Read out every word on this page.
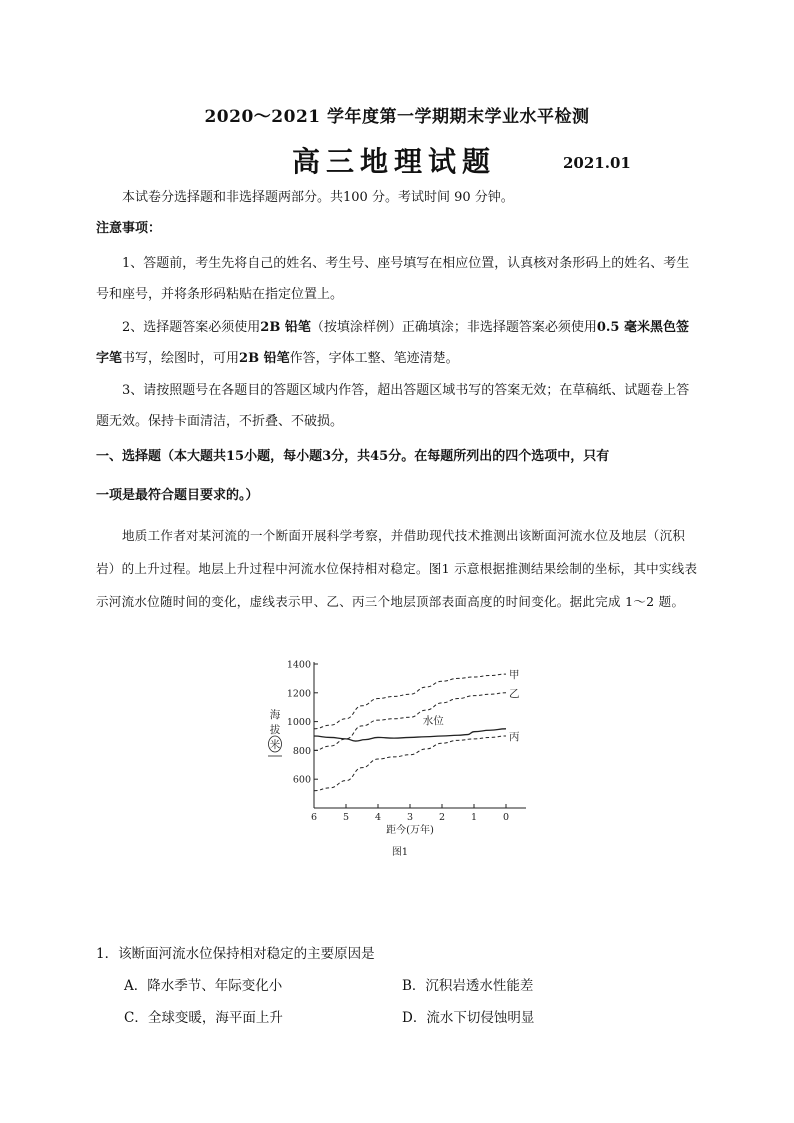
2020～2021 学年度第一学期期末学业水平检测
高三地理试题	2021.01
本试卷分选择题和非选择题两部分。共100 分。考试时间 90 分钟。
注意事项：
1、答题前，考生先将自己的姓名、考生号、座号填写在相应位置，认真核对条形码上的姓名、考生号和座号，并将条形码粘贴在指定位置上。
2、选择题答案必须使用2B 铅笔（按填涂样例）正确填涂；非选择题答案必须使用0.5 毫米黑色签字笔书写，绘图时，可用2B 铅笔作答，字体工整、笔迹清楚。
3、请按照题号在各题目的答题区域内作答，超出答题区域书写的答案无效；在草稿纸、试题卷上答题无效。保持卡面清洁，不折叠、不破损。
一、选择题（本大题共15小题，每小题3分，共45分。在每题所列出的四个选项中，只有
一项是最符合题目要求的。）
地质工作者对某河流的一个断面开展科学考察，并借助现代技术推测出该断面河流水位及地层（沉积岩）的上升过程。地层上升过程中河流水位保持相对稳定。图1 示意根据推测结果绘制的坐标，其中实线表示河流水位随时间的变化，虚线表示甲、乙、丙三个地层顶部表面高度的时间变化。据此完成 1～2 题。
600
800
1000
1200
1400
6	5	4	3	2	1	0
距今(万年)
海
拔
米
甲
乙
丙
水位
图1
1．该断面河流水位保持相对稳定的主要原因是
A．降水季节、年际变化小	B．沉积岩透水性能差
C．全球变暖，海平面上升	D．流水下切侵蚀明显
